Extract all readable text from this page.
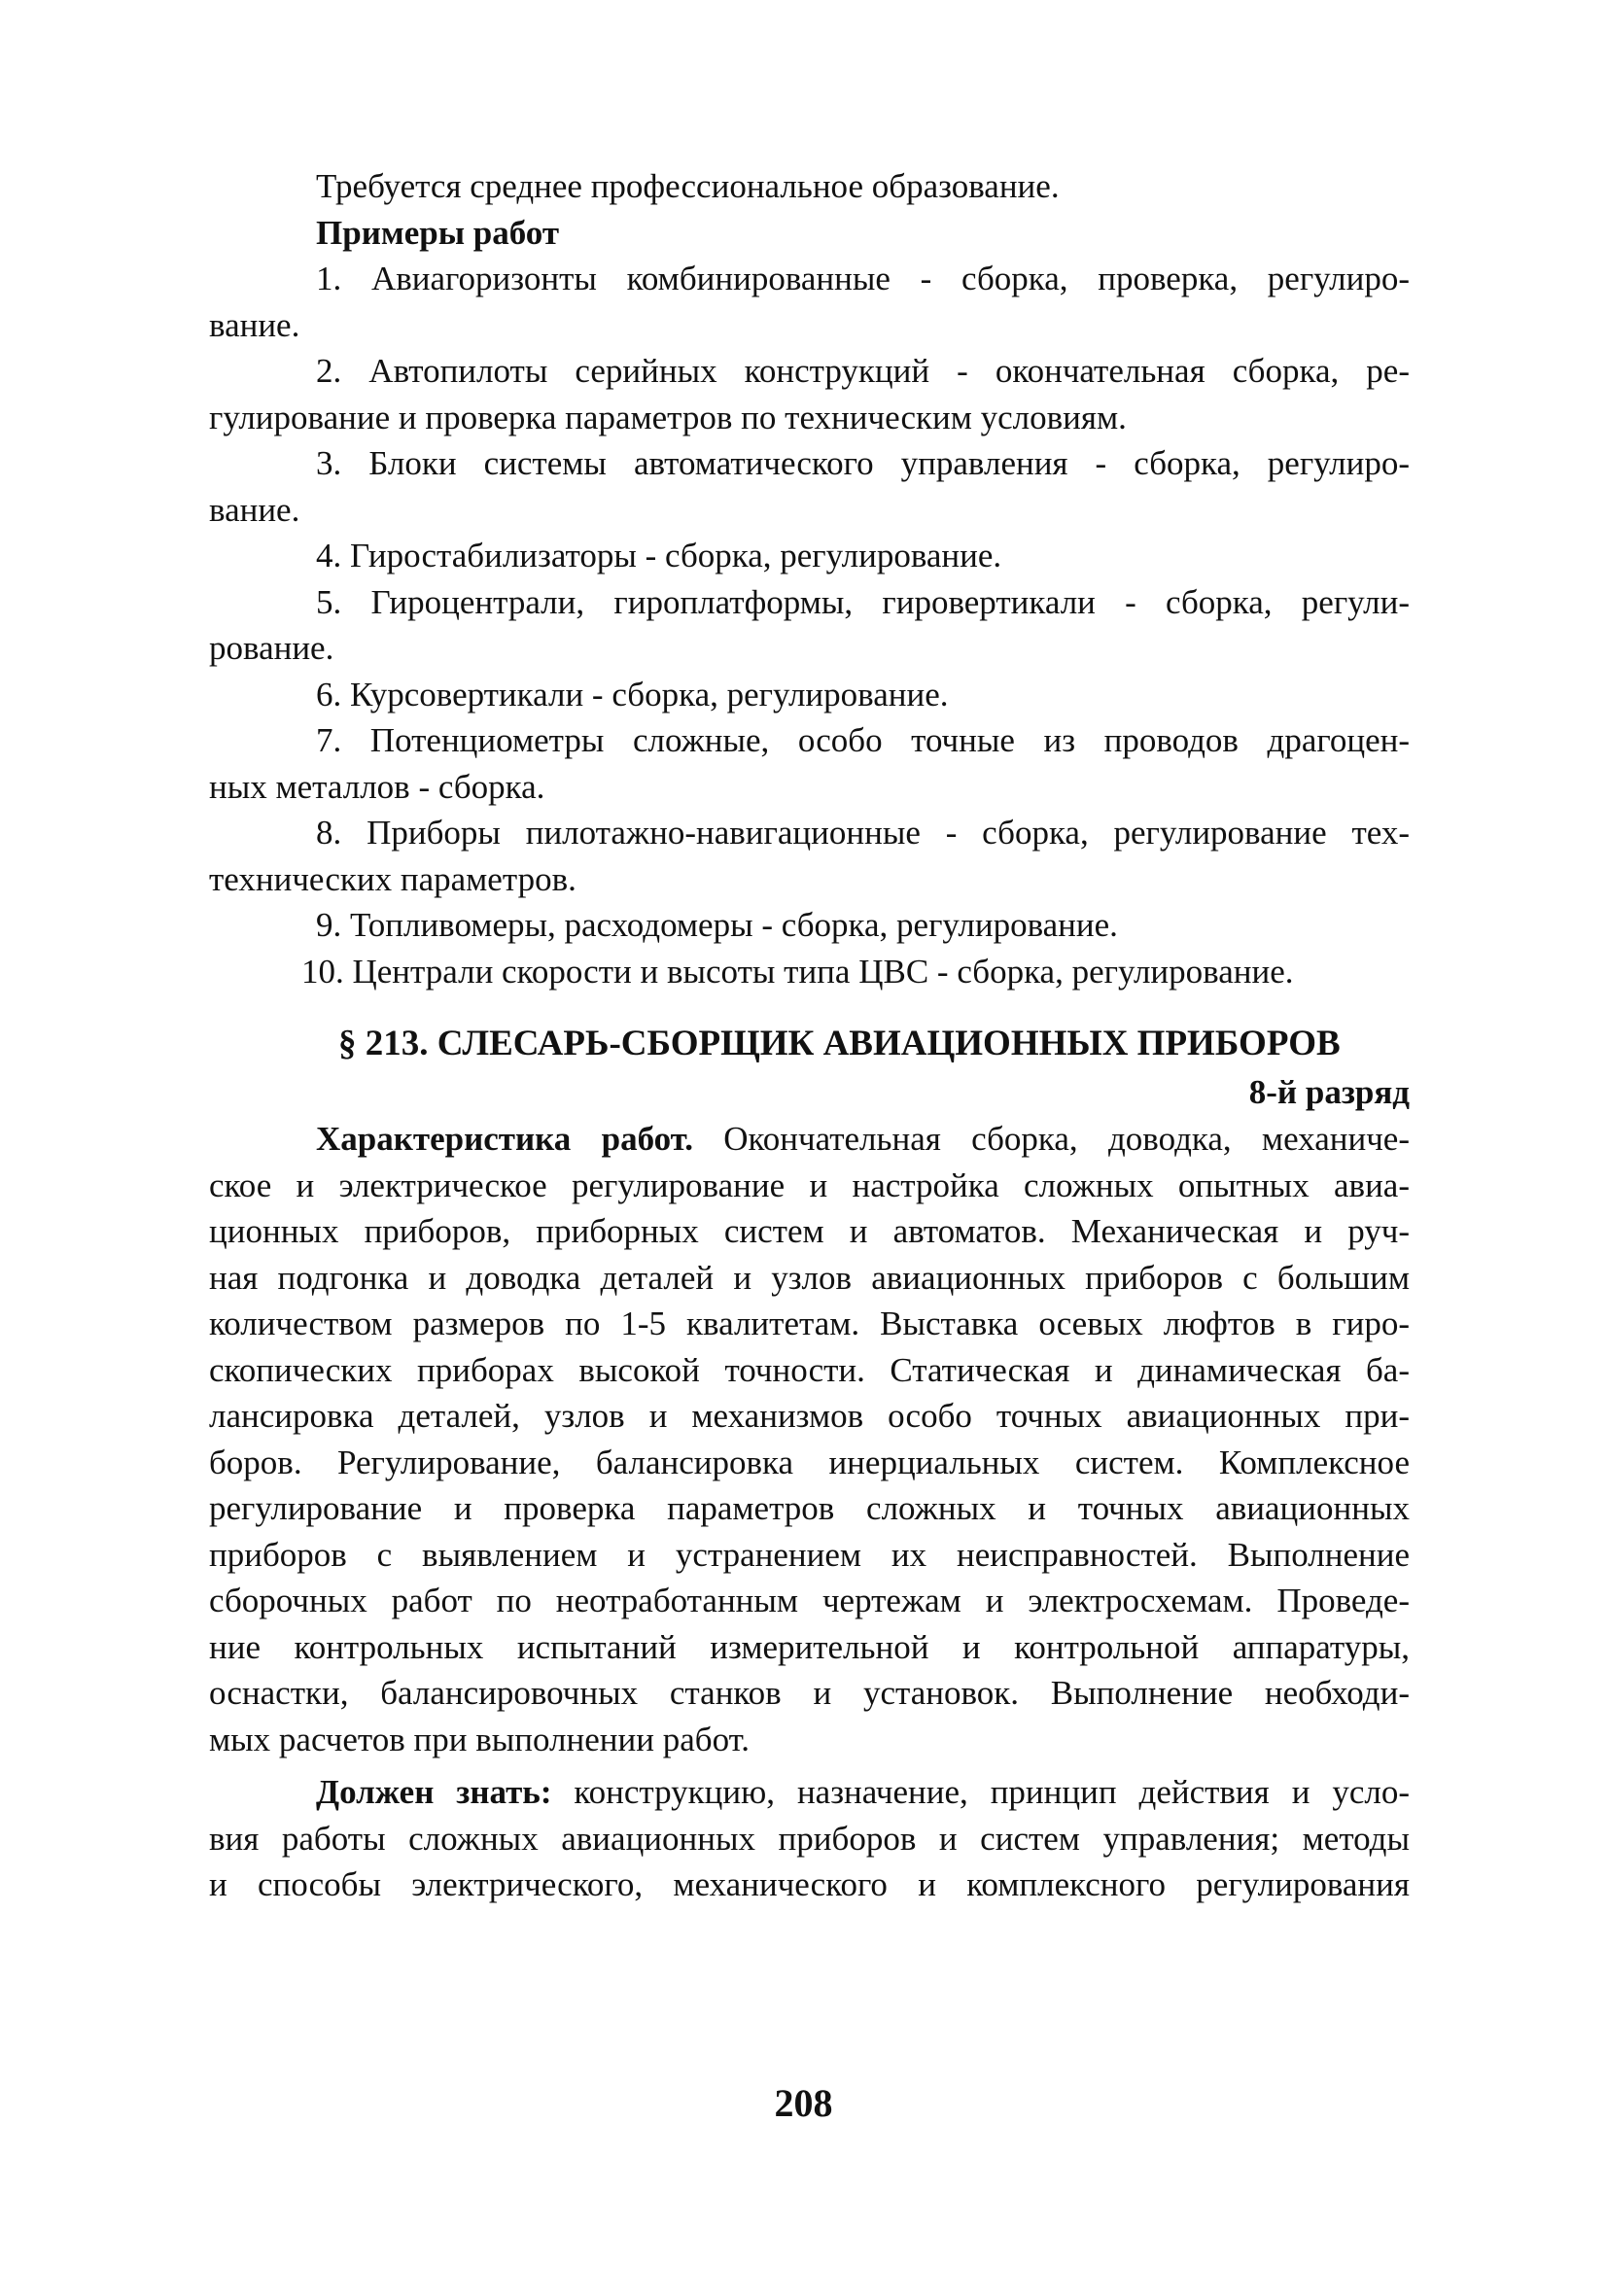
Требуется среднее профессиональное образование.
Примеры работ
1. Авиагоризонты комбинированные - сборка, проверка, регулиро-
вание.
2. Автопилоты серийных конструкций - окончательная сборка, ре-
гулирование и проверка параметров по техническим условиям.
3. Блоки системы автоматического управления - сборка, регулиро-
вание.
4. Гиростабилизаторы - сборка, регулирование.
5. Гироцентрали, гироплатформы, гировертикали - сборка, регули-
рование.
6. Курсовертикали - сборка, регулирование.
7. Потенциометры сложные, особо точные из проводов драгоцен-
ных металлов - сборка.
8. Приборы пилотажно-навигационные - сборка, регулирование тех-
технических параметров.
9. Топливомеры, расходомеры - сборка, регулирование.
10. Централи скорости и высоты типа ЦВС - сборка, регулирование.
§ 213. СЛЕСАРЬ-СБОРЩИК АВИАЦИОННЫХ ПРИБОРОВ
8-й разряд
Характеристика работ. Окончательная сборка, доводка, механиче-
ское и электрическое регулирование и настройка сложных опытных авиа-
ционных приборов, приборных систем и автоматов. Механическая и руч-
ная подгонка и доводка деталей и узлов авиационных приборов с большим
количеством размеров по 1-5 квалитетам. Выставка осевых люфтов в гиро-
скопических приборах высокой точности. Статическая и динамическая ба-
лансировка деталей, узлов и механизмов особо точных авиационных при-
боров. Регулирование, балансировка инерциальных систем. Комплексное
регулирование и проверка параметров сложных и точных авиационных
приборов с выявлением и устранением их неисправностей. Выполнение
сборочных работ по неотработанным чертежам и электросхемам. Проведе-
ние контрольных испытаний измерительной и контрольной аппаратуры,
оснастки, балансировочных станков и установок. Выполнение необходи-
мых расчетов при выполнении работ.
Должен знать: конструкцию, назначение, принцип действия и усло-
вия работы сложных авиационных приборов и систем управления; методы
и способы электрического, механического и комплексного регулирования
208
